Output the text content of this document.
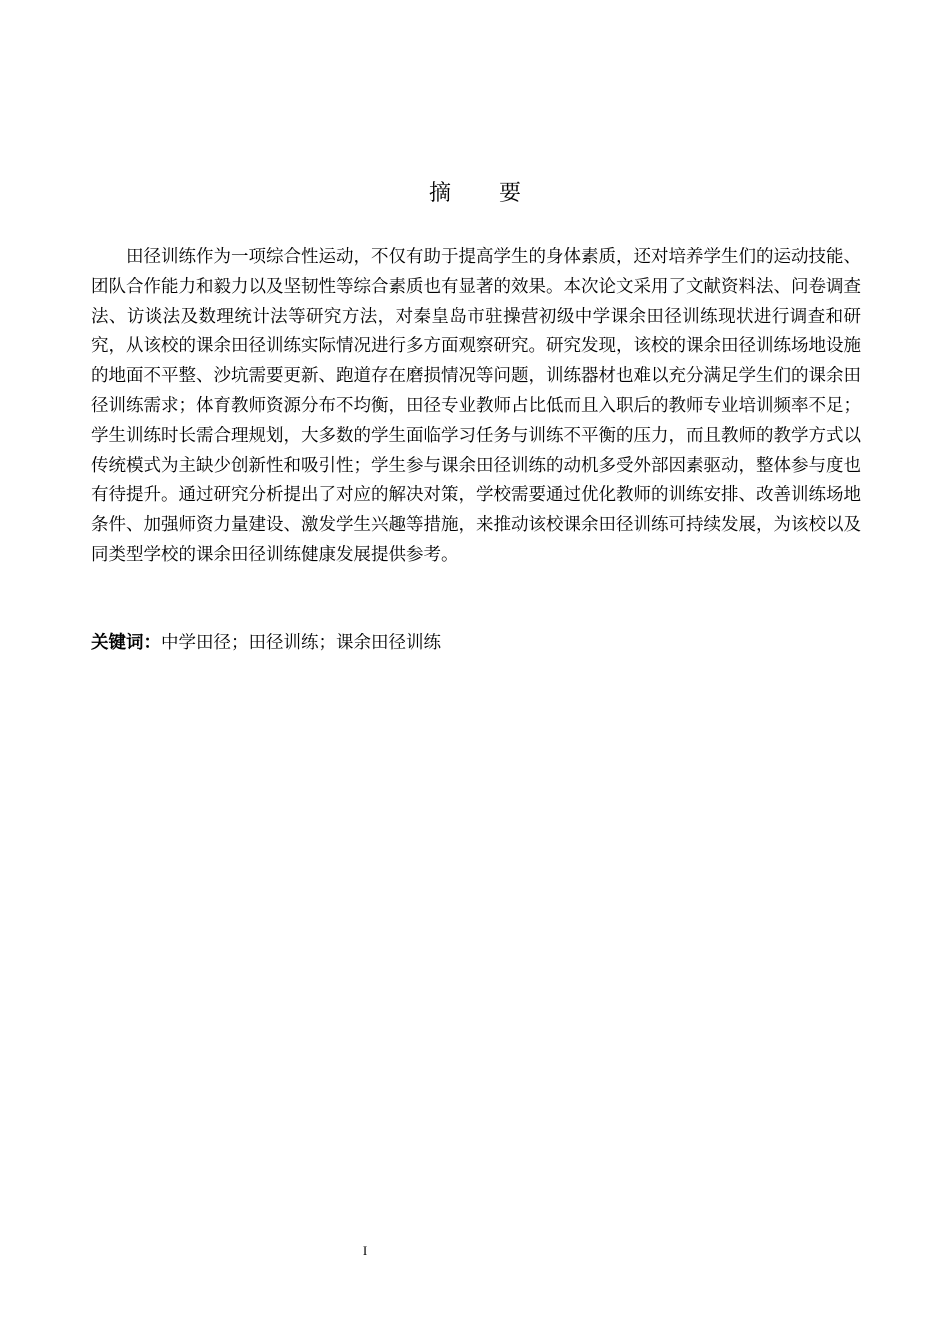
摘 要

田径训练作为一项综合性运动，不仅有助于提高学生的身体素质，还对培养学生们的运动技能、团队合作能力和毅力以及坚韧性等综合素质也有显著的效果。本次论文采用了文献资料法、问卷调查法、访谈法及数理统计法等研究方法，对秦皇岛市驻操营初级中学课余田径训练现状进行调查和研究，从该校的课余田径训练实际情况进行多方面观察研究。研究发现，该校的课余田径训练场地设施的地面不平整、沙坑需要更新、跑道存在磨损情况等问题，训练器材也难以充分满足学生们的课余田径训练需求；体育教师资源分布不均衡，田径专业教师占比低而且入职后的教师专业培训频率不足；学生训练时长需合理规划，大多数的学生面临学习任务与训练不平衡的压力，而且教师的教学方式以传统模式为主缺少创新性和吸引性；学生参与课余田径训练的动机多受外部因素驱动，整体参与度也有待提升。通过研究分析提出了对应的解决对策，学校需要通过优化教师的训练安排、改善训练场地条件、加强师资力量建设、激发学生兴趣等措施，来推动该校课余田径训练可持续发展，为该校以及同类型学校的课余田径训练健康发展提供参考。

关键词：中学田径；田径训练；课余田径训练

I
